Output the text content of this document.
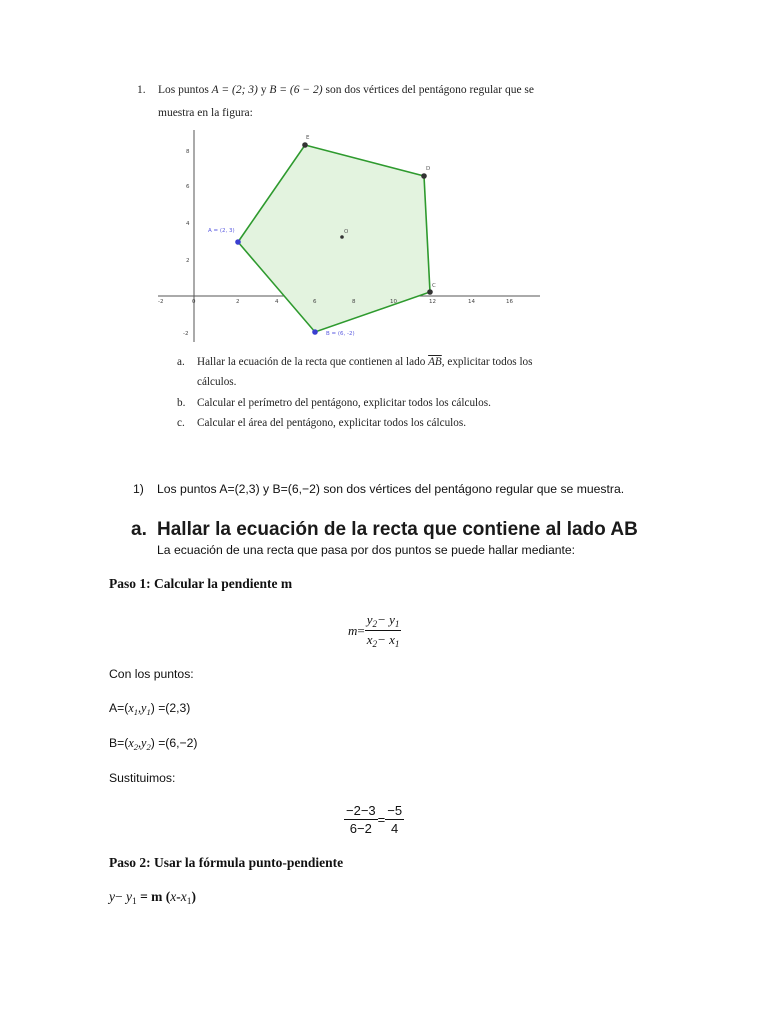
1. Los puntos A = (2; 3) y B = (6 − 2) son dos vértices del pentágono regular que se
muestra en la figura:
-2	0	2	4	6	8	10	12	14	16
8
6
4
2
-2
A = (2, 3)
B = (6, -2)
C
D
E
O
a. Hallar la ecuación de la recta que contienen al lado $\overline{AB}$, explicitar todos los
cálculos.
b. Calcular el perímetro del pentágono, explicitar todos los cálculos.
c. Calcular el área del pentágono, explicitar todos los cálculos.
1) Los puntos A=(2,3) y B=(6,−2) son dos vértices del pentágono regular que se muestra.
a. Hallar la ecuación de la recta que contiene al lado AB
La ecuación de una recta que pasa por dos puntos se puede hallar mediante:
Paso 1: Calcular la pendiente m
$m = \frac{y_2- y_1}{x_2- x_1}$
Con los puntos:
$A=(x_1,y_1) =(2,3)$
$B=(x_2,y_2) =(6,-2)$
Sustituimos:
$\frac{-2-3}{6-2} = \frac{-5}{4}$
Paso 2: Usar la fórmula punto-pendiente
$y- y_1 = m$ $(x-x_1)$
